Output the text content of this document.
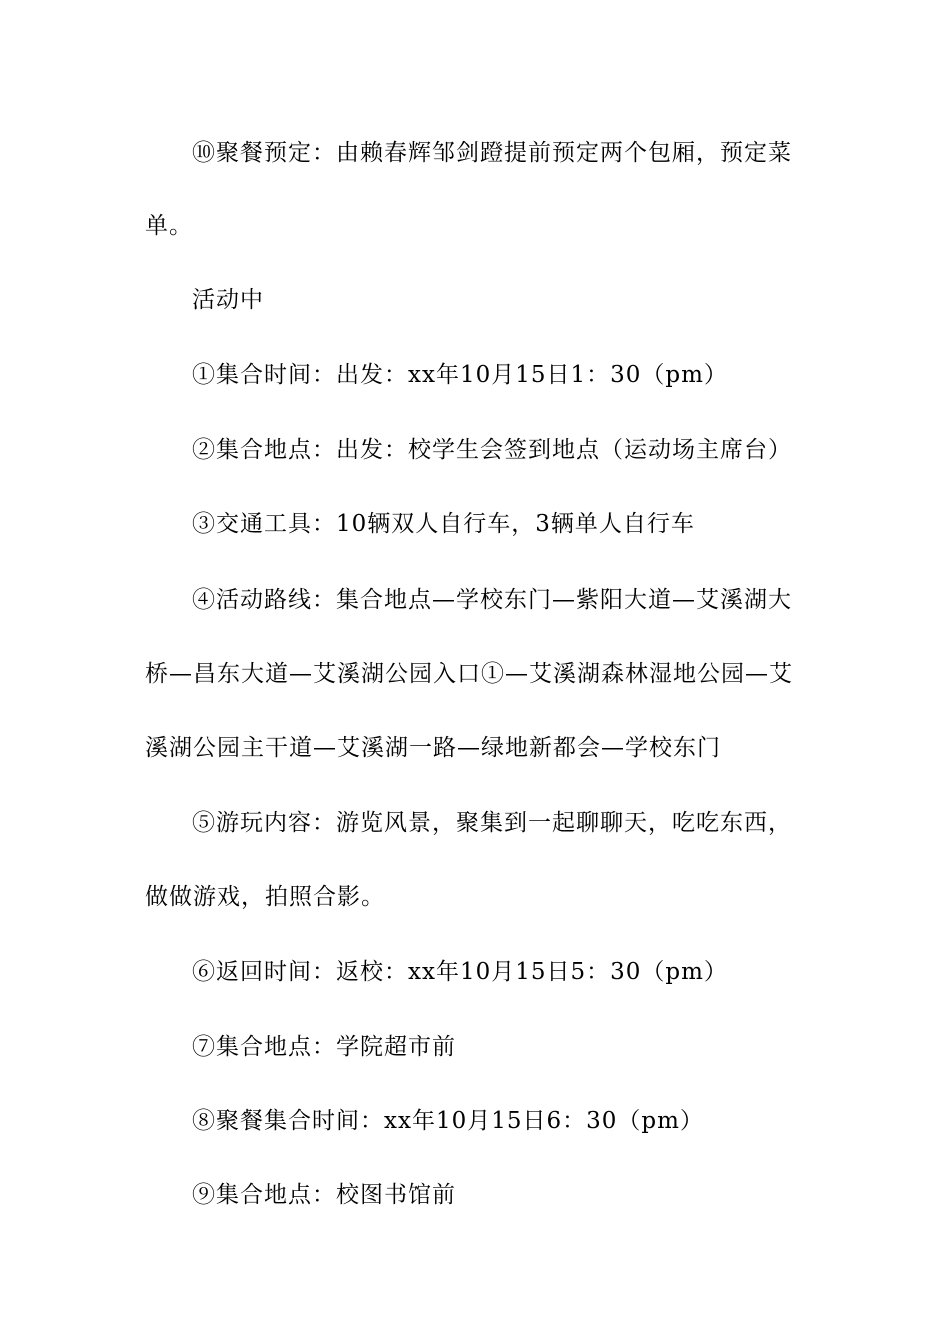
⑩聚餐预定：由赖春辉邹剑蹬提前预定两个包厢，预定菜
单。
活动中
①集合时间：出发：xx年10月15日1：30（pm）
②集合地点：出发：校学生会签到地点（运动场主席台）
③交通工具：10辆双人自行车，3辆单人自行车
④活动路线：集合地点—学校东门—紫阳大道—艾溪湖大
桥—昌东大道—艾溪湖公园入口①—艾溪湖森林湿地公园—艾
溪湖公园主干道—艾溪湖一路—绿地新都会—学校东门
⑤游玩内容：游览风景，聚集到一起聊聊天，吃吃东西，
做做游戏，拍照合影。
⑥返回时间：返校：xx年10月15日5：30（pm）
⑦集合地点：学院超市前
⑧聚餐集合时间：xx年10月15日6：30（pm）
⑨集合地点：校图书馆前
